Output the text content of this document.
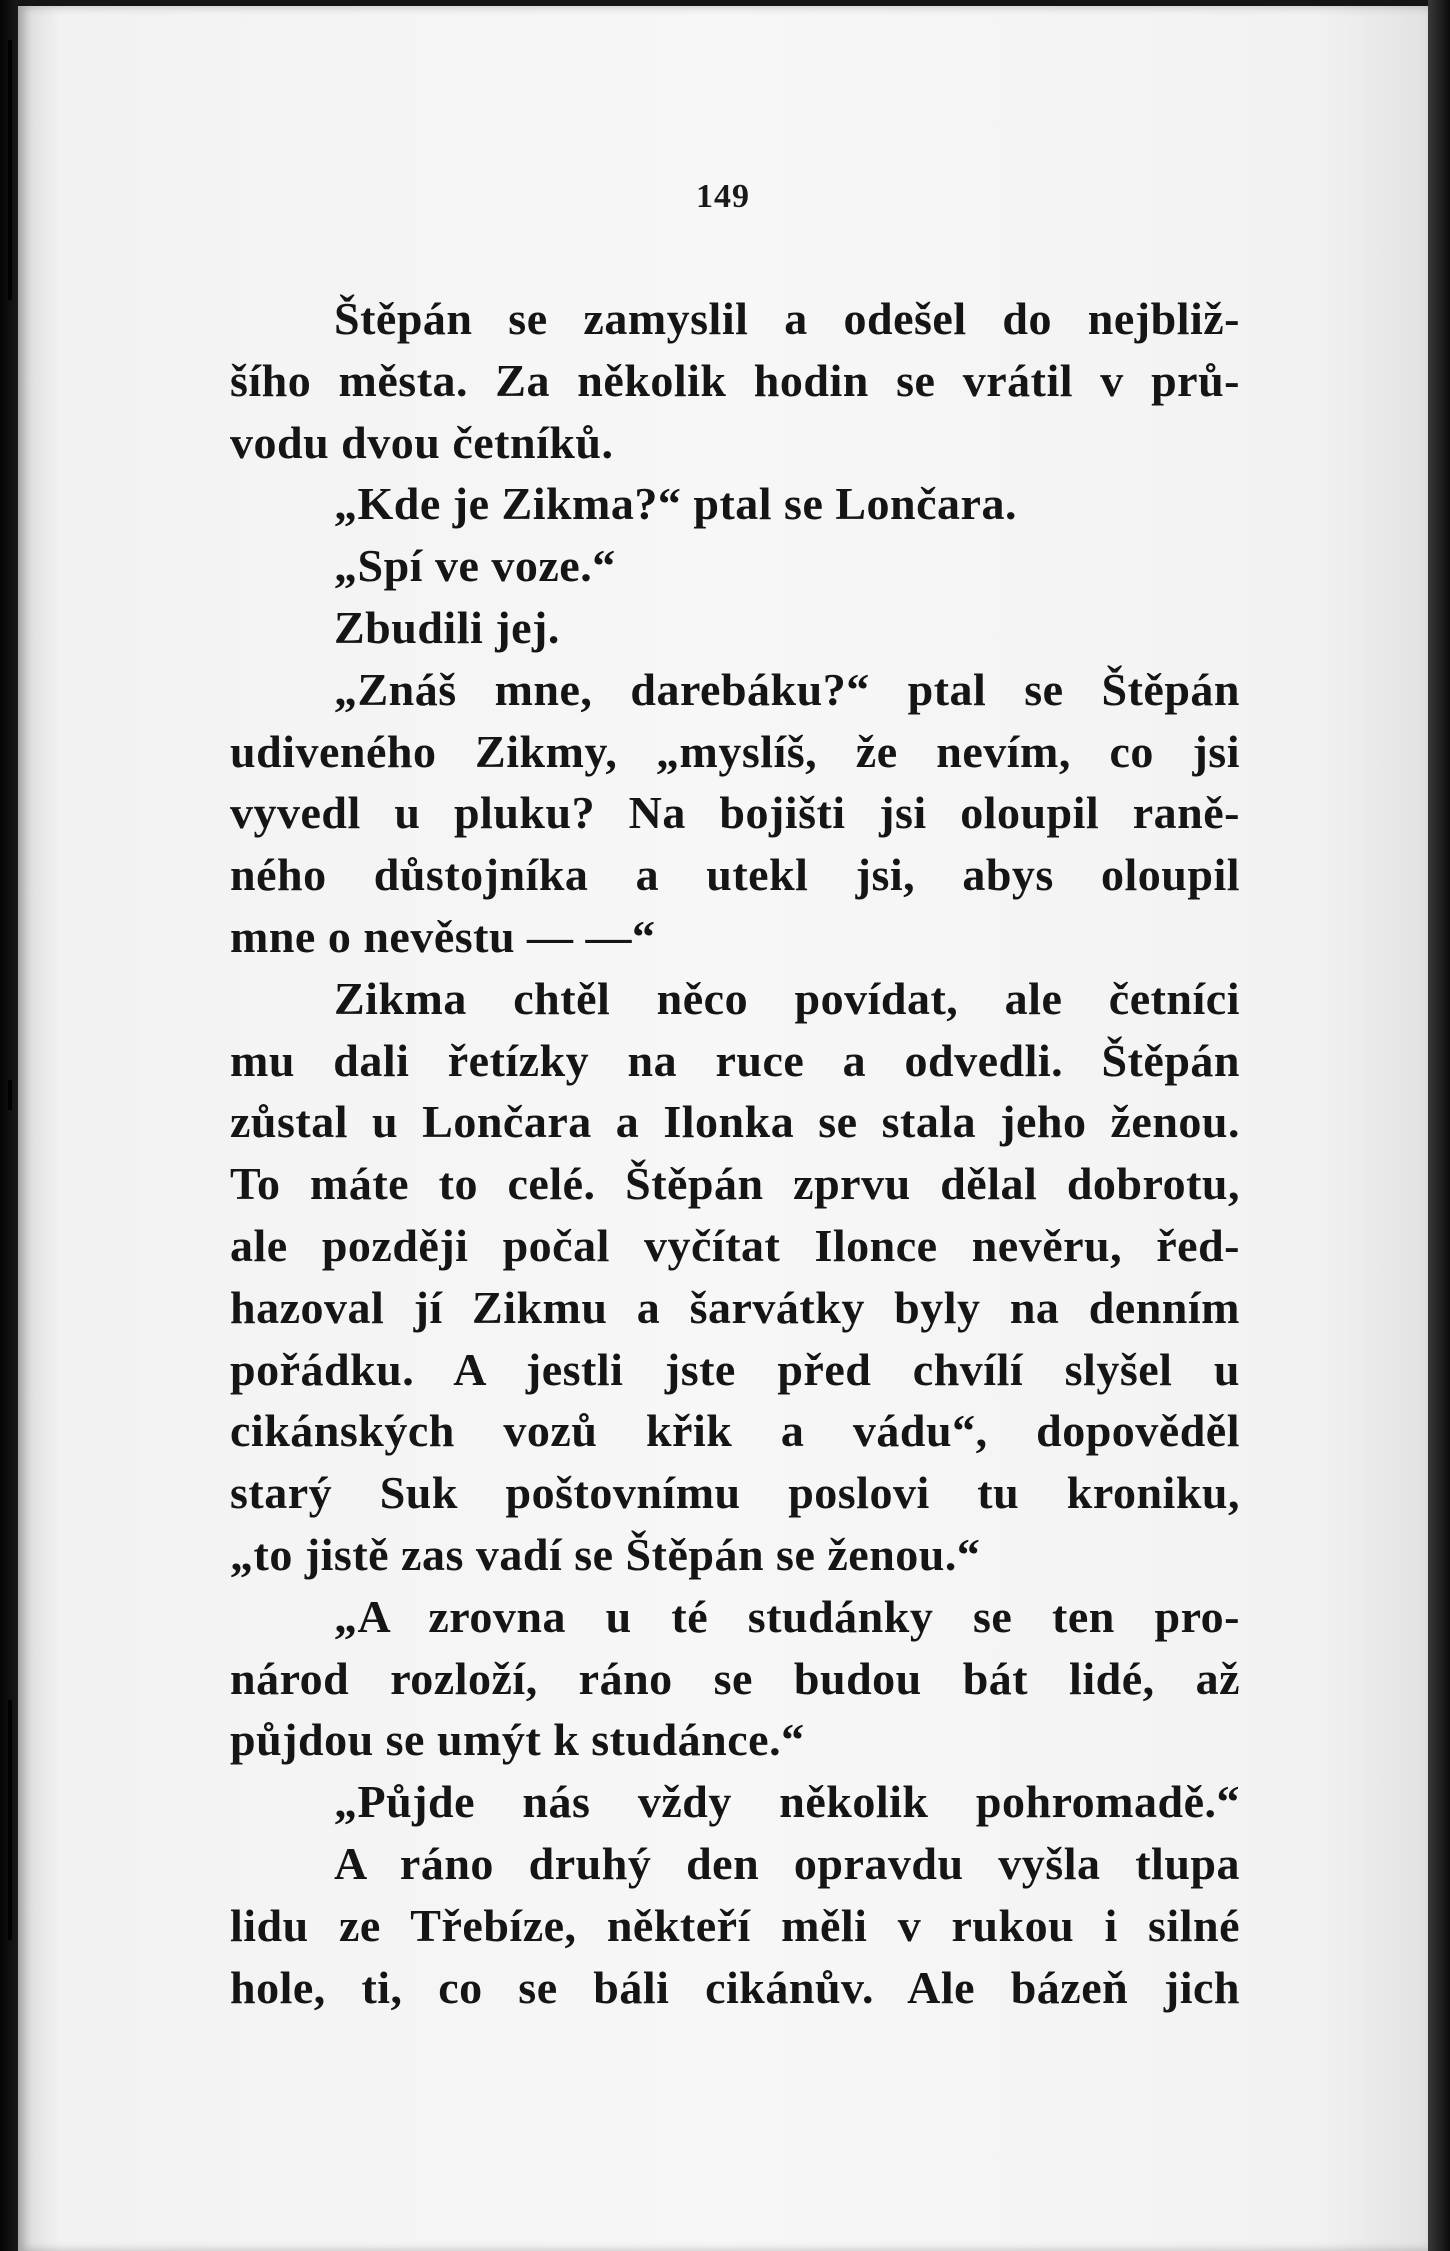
149
Štěpán se zamyslil a odešel do nejbliž-
šího města. Za několik hodin se vrátil v prů-
vodu dvou četníků.
„Kde je Zikma?“ ptal se Lončara.
„Spí ve voze.“
Zbudili jej.
„Znáš mne, darebáku?“ ptal se Štěpán
udiveného Zikmy, „myslíš, že nevím, co jsi
vyvedl u pluku? Na bojišti jsi oloupil raně-
ného důstojníka a utekl jsi, abys oloupil
mne o nevěstu — —“
Zikma chtěl něco povídat, ale četníci
mu dali řetízky na ruce a odvedli. Štěpán
zůstal u Lončara a Ilonka se stala jeho ženou.
To máte to celé. Štěpán zprvu dělal dobrotu,
ale později počal vyčítat Ilonce nevěru, řed-
hazoval jí Zikmu a šarvátky byly na denním
pořádku. A jestli jste před chvílí slyšel u
cikánských vozů křik a vádu“, dopověděl
starý Suk poštovnímu poslovi tu kroniku,
„to jistě zas vadí se Štěpán se ženou.“
„A zrovna u té studánky se ten pro-
národ rozloží, ráno se budou bát lidé, až
půjdou se umýt k studánce.“
„Půjde nás vždy několik pohromadě.“
A ráno druhý den opravdu vyšla tlupa
lidu ze Třebíze, někteří měli v rukou i silné
hole, ti, co se báli cikánův. Ale bázeň jich
